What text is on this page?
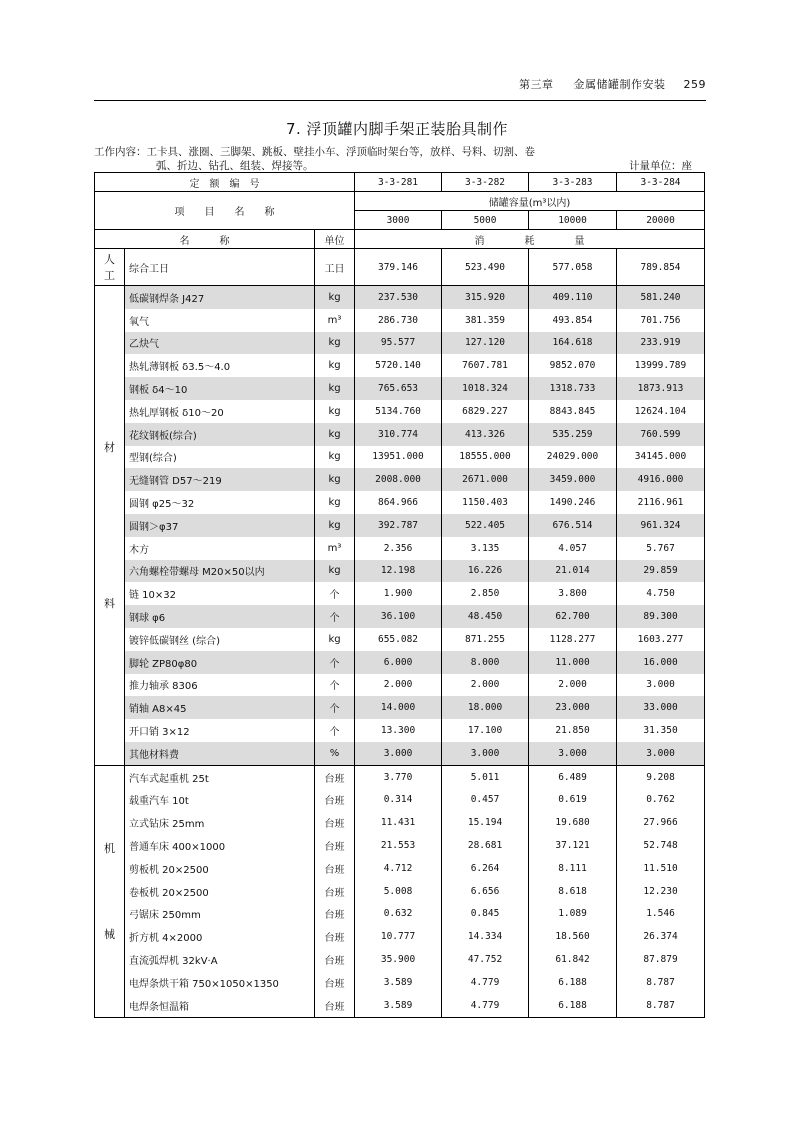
第三章 金属储罐制作安装 259
7. 浮顶罐内脚手架正装胎具制作
工作内容：工卡具、涨圈、三脚架、跳板、壁挂小车、浮顶临时架台等，放样、号料、切割、卷
弧、折边、钻孔、组装、焊接等。	计量单位：座
定　额　编　号			3-3-281	3-3-282	3-3-283	3-3-284
项　　目　　名　　称			储罐容量(m³以内)			
			3000	5000	10000	20000
名　　　称		单位	消　　　　耗　　　　量			

人
工	综合工日	工日	379.146	523.490	577.058	789.854

材
料	低碳钢焊条 J427	kg	237.530	315.920	409.110	581.240
	氧气	m³	286.730	381.359	493.854	701.756
	乙炔气	kg	95.577	127.120	164.618	233.919
	热轧薄钢板 δ3.5～4.0	kg	5720.140	7607.781	9852.070	13999.789
	钢板 δ4～10	kg	765.653	1018.324	1318.733	1873.913
	热轧厚钢板 δ10～20	kg	5134.760	6829.227	8843.845	12624.104
	花纹钢板(综合)	kg	310.774	413.326	535.259	760.599
	型钢(综合)	kg	13951.000	18555.000	24029.000	34145.000
	无缝钢管 D57～219	kg	2008.000	2671.000	3459.000	4916.000
	圆钢 φ25～32	kg	864.966	1150.403	1490.246	2116.961
	圆钢＞φ37	kg	392.787	522.405	676.514	961.324
	木方	m³	2.356	3.135	4.057	5.767
	六角螺栓带螺母 M20×50以内	kg	12.198	16.226	21.014	29.859
	链 10×32	个	1.900	2.850	3.800	4.750
	钢球 φ6	个	36.100	48.450	62.700	89.300
	镀锌低碳钢丝 (综合)	kg	655.082	871.255	1128.277	1603.277
	脚轮 ZP80φ80	个	6.000	8.000	11.000	16.000
	推力轴承 8306	个	2.000	2.000	2.000	3.000
	销轴 A8×45	个	14.000	18.000	23.000	33.000
	开口销 3×12	个	13.300	17.100	21.850	31.350
	其他材料费	%	3.000	3.000	3.000	3.000

机
械	汽车式起重机 25t	台班	3.770	5.011	6.489	9.208
	载重汽车 10t	台班	0.314	0.457	0.619	0.762
	立式钻床 25mm	台班	11.431	15.194	19.680	27.966
	普通车床 400×1000	台班	21.553	28.681	37.121	52.748
	剪板机 20×2500	台班	4.712	6.264	8.111	11.510
	卷板机 20×2500	台班	5.008	6.656	8.618	12.230
	弓锯床 250mm	台班	0.632	0.845	1.089	1.546
	折方机 4×2000	台班	10.777	14.334	18.560	26.374
	直流弧焊机 32kV·A	台班	35.900	47.752	61.842	87.879
	电焊条烘干箱 750×1050×1350	台班	3.589	4.779	6.188	8.787
	电焊条恒温箱	台班	3.589	4.779	6.188	8.787
